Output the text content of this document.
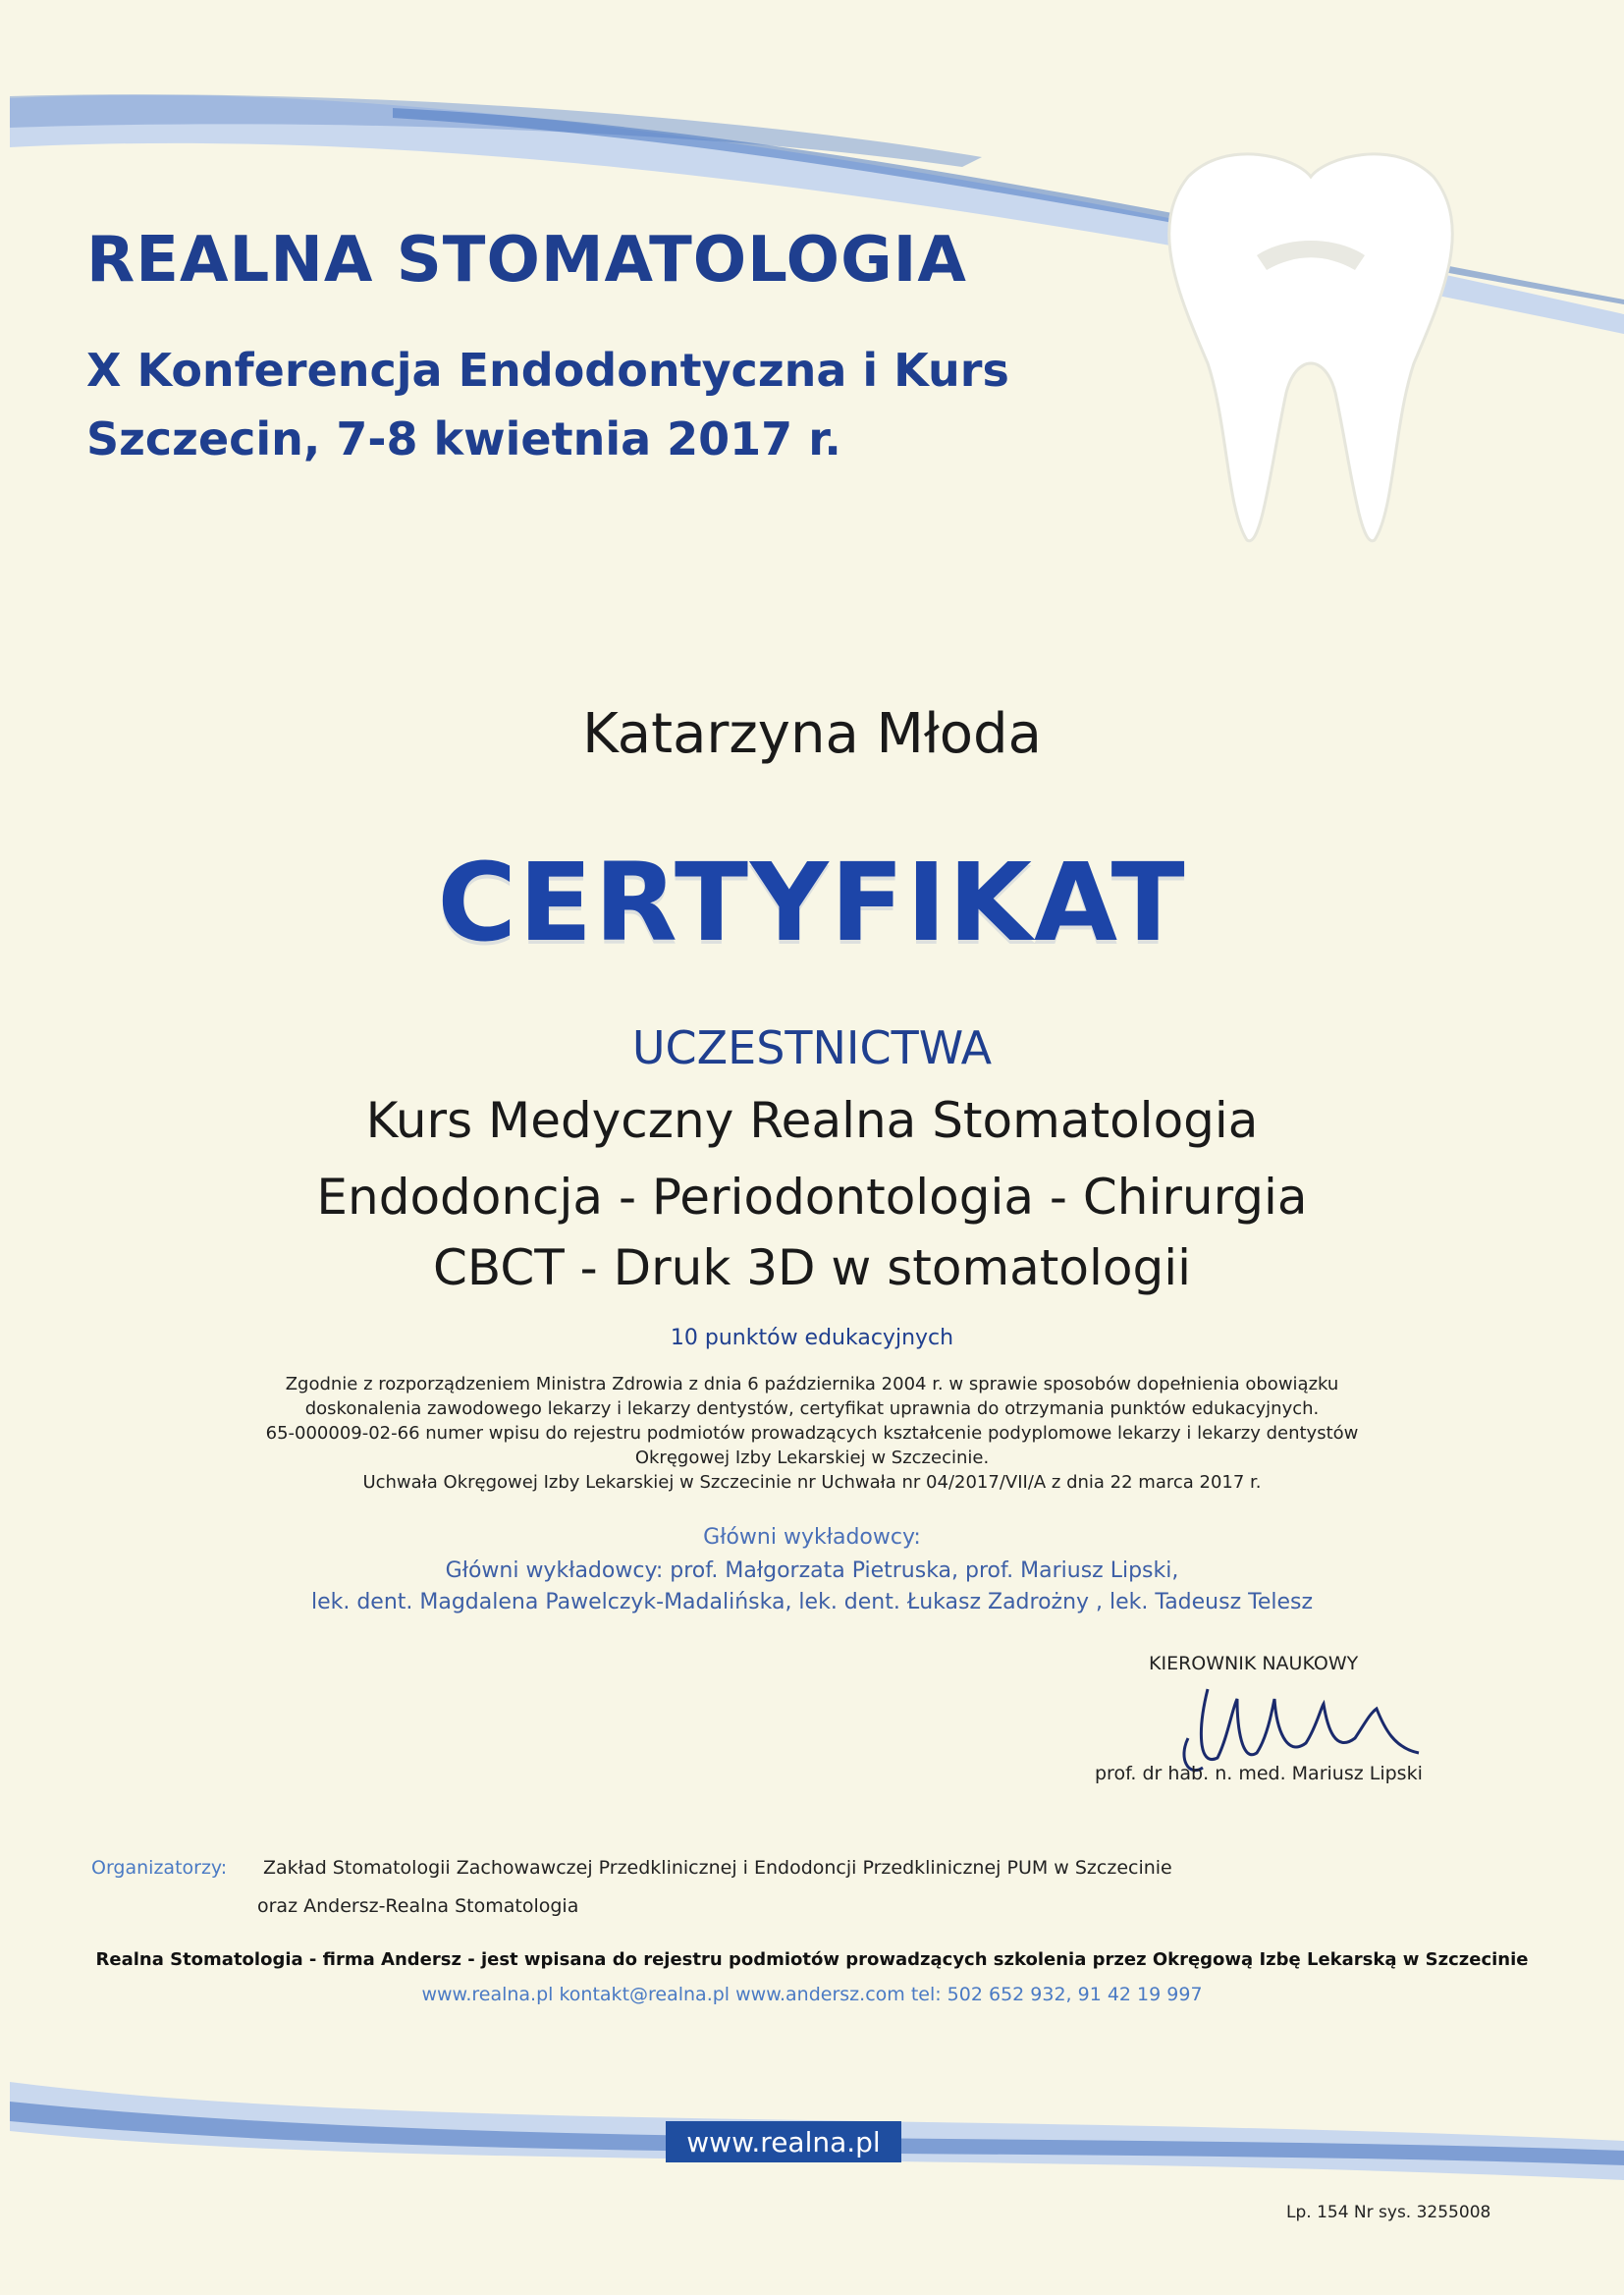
REALNA STOMATOLOGIA
X Konferencja Endodontyczna i Kurs
Szczecin, 7-8 kwietnia 2017 r.
Katarzyna Młoda
CERTYFIKAT
UCZESTNICTWA
Kurs Medyczny Realna Stomatologia
Endodoncja - Periodontologia - Chirurgia
CBCT - Druk 3D w stomatologii
10 punktów edukacyjnych
Zgodnie z rozporządzeniem Ministra Zdrowia z dnia 6 października 2004 r. w sprawie sposobów dopełnienia obowiązku
doskonalenia zawodowego lekarzy i lekarzy dentystów, certyfikat uprawnia do otrzymania punktów edukacyjnych.
65-000009-02-66 numer wpisu do rejestru podmiotów prowadzących kształcenie podyplomowe lekarzy i lekarzy dentystów
Okręgowej Izby Lekarskiej w Szczecinie.
Uchwała Okręgowej Izby Lekarskiej w Szczecinie nr Uchwała nr 04/2017/VII/A z dnia 22 marca 2017 r.
Główni wykładowcy:
Główni wykładowcy: prof. Małgorzata Pietruska, prof. Mariusz Lipski,
lek. dent. Magdalena Pawelczyk-Madalińska, lek. dent. Łukasz Zadrożny , lek. Tadeusz Telesz
KIEROWNIK NAUKOWY
prof. dr hab. n. med. Mariusz Lipski
Organizatorzy: Zakład Stomatologii Zachowawczej Przedklinicznej i Endodoncji Przedklinicznej PUM w Szczecinie
oraz Andersz-Realna Stomatologia
Realna Stomatologia - firma Andersz - jest wpisana do rejestru podmiotów prowadzących szkolenia przez Okręgową Izbę Lekarską w Szczecinie
www.realna.pl kontakt@realna.pl www.andersz.com tel: 502 652 932, 91 42 19 997
www.realna.pl
Lp. 154 Nr sys. 3255008
